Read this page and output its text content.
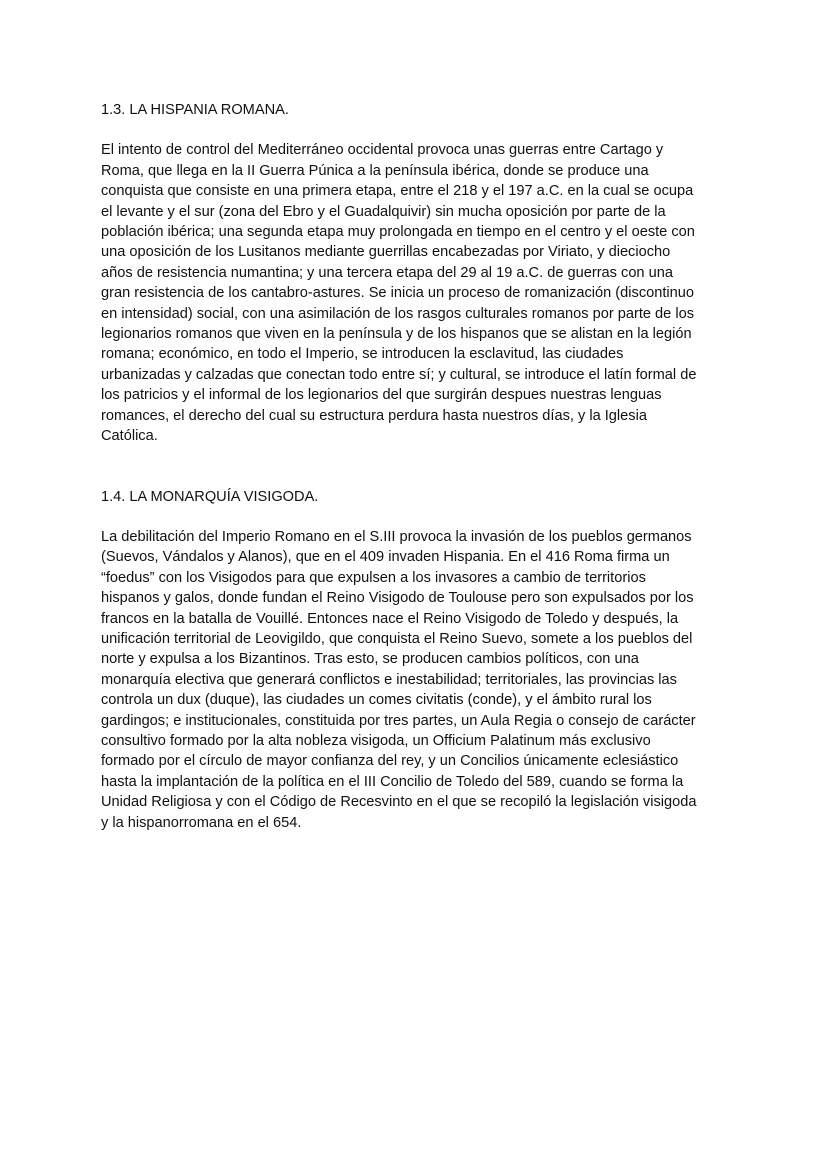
1.3. LA HISPANIA ROMANA.

El intento de control del Mediterráneo occidental provoca unas guerras entre Cartago y
Roma, que llega en la II Guerra Púnica a la península ibérica, donde se produce una
conquista que consiste en una primera etapa, entre el 218 y el 197 a.C. en la cual se ocupa
el levante y el sur (zona del Ebro y el Guadalquivir) sin mucha oposición por parte de la
población ibérica; una segunda etapa muy prolongada en tiempo en el centro y el oeste con
una oposición de los Lusitanos mediante guerrillas encabezadas por Viriato, y dieciocho
años de resistencia numantina; y una tercera etapa del 29 al 19 a.C. de guerras con una
gran resistencia de los cantabro-astures. Se inicia un proceso de romanización (discontinuo
en intensidad) social, con una asimilación de los rasgos culturales romanos por parte de los
legionarios romanos que viven en la península y de los hispanos que se alistan en la legión
romana; económico, en todo el Imperio, se introducen la esclavitud, las ciudades
urbanizadas y calzadas que conectan todo entre sí; y cultural, se introduce el latín formal de
los patricios y el informal de los legionarios del que surgirán despues nuestras lenguas
romances, el derecho del cual su estructura perdura hasta nuestros días, y la Iglesia
Católica.

1.4. LA MONARQUÍA VISIGODA.

La debilitación del Imperio Romano en el S.III provoca la invasión de los pueblos germanos
(Suevos, Vándalos y Alanos), que en el 409 invaden Hispania. En el 416 Roma firma un
“foedus” con los Visigodos para que expulsen a los invasores a cambio de territorios
hispanos y galos, donde fundan el Reino Visigodo de Toulouse pero son expulsados por los
francos en la batalla de Vouillé. Entonces nace el Reino Visigodo de Toledo y después, la
unificación territorial de Leovigildo, que conquista el Reino Suevo, somete a los pueblos del
norte y expulsa a los Bizantinos. Tras esto, se producen cambios políticos, con una
monarquía electiva que generará conflictos e inestabilidad; territoriales, las provincias las
controla un dux (duque), las ciudades un comes civitatis (conde), y el ámbito rural los
gardingos; e institucionales, constituida por tres partes, un Aula Regia o consejo de carácter
consultivo formado por la alta nobleza visigoda, un Officium Palatinum más exclusivo
formado por el círculo de mayor confianza del rey, y un Concilios únicamente eclesiástico
hasta la implantación de la política en el III Concilio de Toledo del 589, cuando se forma la
Unidad Religiosa y con el Código de Recesvinto en el que se recopiló la legislación visigoda
y la hispanorromana en el 654.
